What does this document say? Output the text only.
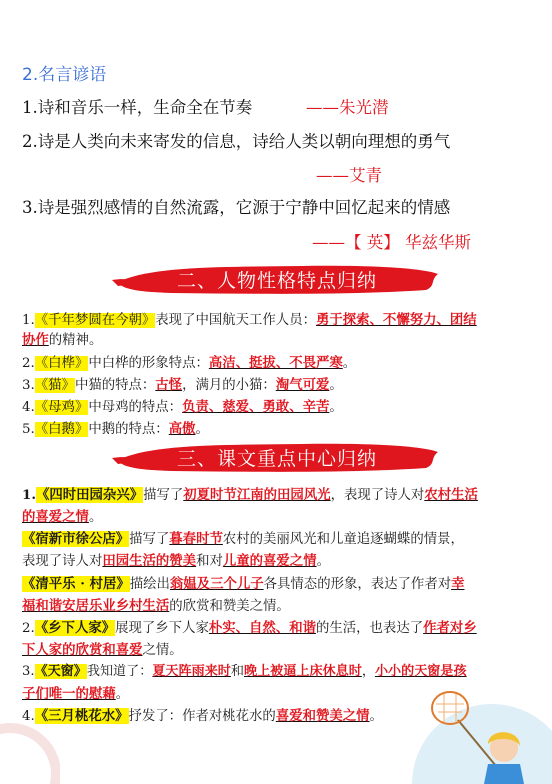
2.名言谚语
1.诗和音乐一样，生命全在节奏	——朱光潜
2.诗是人类向未来寄发的信息，诗给人类以朝向理想的勇气
——艾青
3.诗是强烈感情的自然流露，它源于宁静中回忆起来的情感
——【 英】 华兹华斯
二、人物性格特点归纳
1.《千年梦圆在今朝》表现了中国航天工作人员：勇于探索、不懈努力、团结
协作的精神。
2.《白桦》中白桦的形象特点：高洁、挺拔、不畏严寒。
3.《猫》中猫的特点：古怪，满月的小猫：淘气可爱。
4.《母鸡》中母鸡的特点：负责、慈爱、勇敢、辛苦。
5.《白鹅》中鹅的特点：高傲。
三、课文重点中心归纳
1.《四时田园杂兴》描写了初夏时节江南的田园风光，表现了诗人对农村生活
的喜爱之情。
《宿新市徐公店》描写了暮春时节农村的美丽风光和儿童追逐蝴蝶的情景，
表现了诗人对田园生活的赞美和对儿童的喜爱之情。
《清平乐 · 村居》描绘出翁媪及三个儿子各具情态的形象，表达了作者对幸
福和谐安居乐业乡村生活的欣赏和赞美之情。
2.《乡下人家》展现了乡下人家朴实、自然、和谐的生活，也表达了作者对乡
下人家的欣赏和喜爱之情。
3.《天窗》我知道了：夏天阵雨来时和晚上被逼上床休息时，小小的天窗是孩
子们唯一的慰藉。
4.《三月桃花水》抒发了：作者对桃花水的喜爱和赞美之情。
